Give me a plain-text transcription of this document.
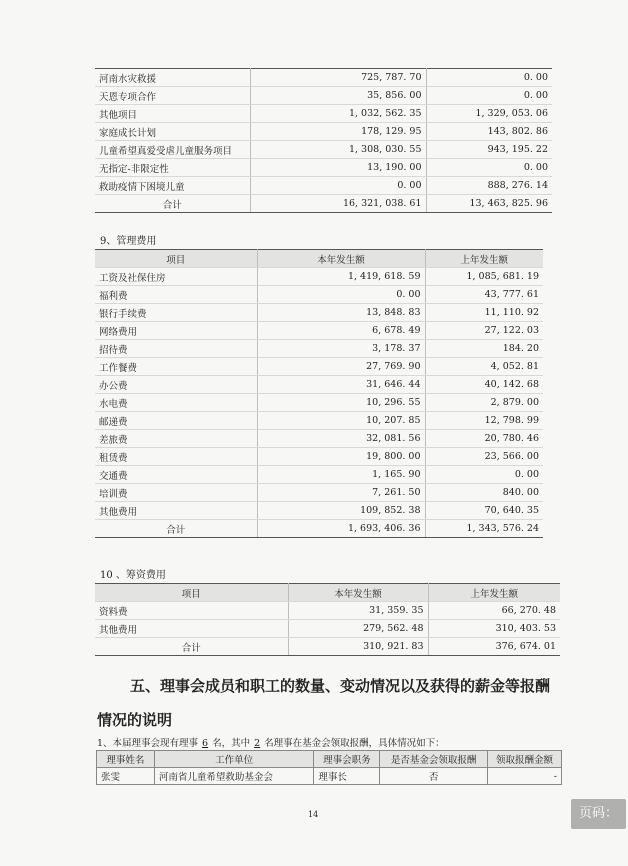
河南水灾救援	725, 787. 70	0. 00
天恩专项合作	35, 856. 00	0. 00
其他项目	1, 032, 562. 35	1, 329, 053. 06
家庭成长计划	178, 129. 95	143, 802. 86
儿童希望真爱受虐儿童服务项目	1, 308, 030. 55	943, 195. 22
无指定-非限定性	13, 190. 00	0. 00
救助疫情下困境儿童	0. 00	888, 276. 14
合计	16, 321, 038. 61	13, 463, 825. 96
9、管理费用
项目	本年发生额	上年发生额
工资及社保住房	1, 419, 618. 59	1, 085, 681. 19
福利费	0. 00	43, 777. 61
银行手续费	13, 848. 83	11, 110. 92
网络费用	6, 678. 49	27, 122. 03
招待费	3, 178. 37	184. 20
工作餐费	27, 769. 90	4, 052. 81
办公费	31, 646. 44	40, 142. 68
水电费	10, 296. 55	2, 879. 00
邮递费	10, 207. 85	12, 798. 99
差旅费	32, 081. 56	20, 780. 46
租赁费	19, 800. 00	23, 566. 00
交通费	1, 165. 90	0. 00
培训费	7, 261. 50	840. 00
其他费用	109, 852. 38	70, 640. 35
合计	1, 693, 406. 36	1, 343, 576. 24
10 、筹资费用
项目	本年发生额	上年发生额
资料费	31, 359. 35	66, 270. 48
其他费用	279, 562. 48	310, 403. 53
合计	310, 921. 83	376, 674. 01
五、理事会成员和职工的数量、变动情况以及获得的薪金等报酬
情况的说明
1、本届理事会现有理事 6 名，其中 2 名理事在基金会领取报酬，具体情况如下：
理事姓名	工作单位	理事会职务	是否基金会领取报酬	领取报酬金额
张雯	河南省儿童希望救助基金会	理事长	否	-
14	页码：
